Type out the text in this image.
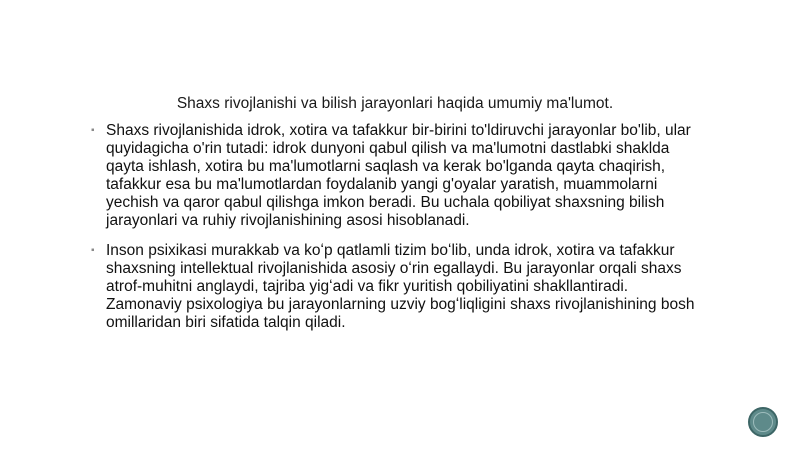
Shaxs rivojlanishi va bilish jarayonlari haqida umumiy ma'lumot.
▪ Shaxs rivojlanishida idrok, xotira va tafakkur bir-birini to'ldiruvchi jarayonlar bo'lib, ular quyidagicha o'rin tutadi: idrok dunyoni qabul qilish va ma'lumotni dastlabki shaklda qayta ishlash, xotira bu ma'lumotlarni saqlash va kerak bo'lganda qayta chaqirish, tafakkur esa bu ma'lumotlardan foydalanib yangi g'oyalar yaratish, muammolarni yechish va qaror qabul qilishga imkon beradi. Bu uchala qobiliyat shaxsning bilish jarayonlari va ruhiy rivojlanishining asosi hisoblanadi.
▪ Inson psixikasi murakkab va koʻp qatlamli tizim boʻlib, unda idrok, xotira va tafakkur shaxsning intellektual rivojlanishida asosiy oʻrin egallaydi. Bu jarayonlar orqali shaxs atrof-muhitni anglaydi, tajriba yigʻadi va fikr yuritish qobiliyatini shakllantiradi. Zamonaviy psixologiya bu jarayonlarning uzviy bogʻliqligini shaxs rivojlanishining bosh omillaridan biri sifatida talqin qiladi.
